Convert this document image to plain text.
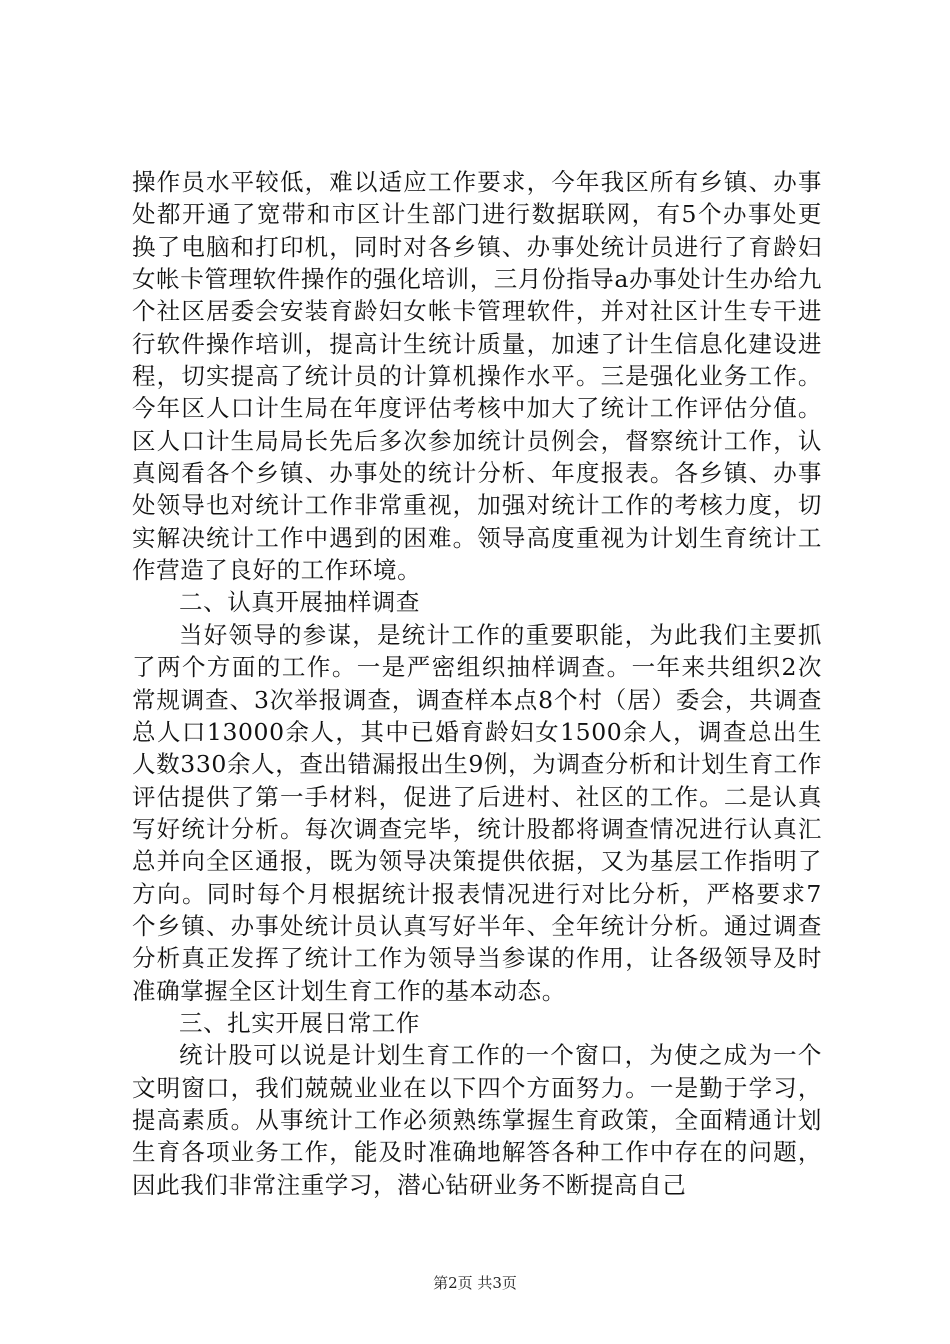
操作员水平较低，难以适应工作要求，今年我区所有乡镇、办事处都开通了宽带和市区计生部门进行数据联网，有5个办事处更换了电脑和打印机，同时对各乡镇、办事处统计员进行了育龄妇女帐卡管理软件操作的强化培训，三月份指导a办事处计生办给九个社区居委会安装育龄妇女帐卡管理软件，并对社区计生专干进行软件操作培训，提高计生统计质量，加速了计生信息化建设进程，切实提高了统计员的计算机操作水平。三是强化业务工作。今年区人口计生局在年度评估考核中加大了统计工作评估分值。区人口计生局局长先后多次参加统计员例会，督察统计工作，认真阅看各个乡镇、办事处的统计分析、年度报表。各乡镇、办事处领导也对统计工作非常重视，加强对统计工作的考核力度，切实解决统计工作中遇到的困难。领导高度重视为计划生育统计工作营造了良好的工作环境。

二、认真开展抽样调查

当好领导的参谋，是统计工作的重要职能，为此我们主要抓了两个方面的工作。一是严密组织抽样调查。一年来共组织2次常规调查、3次举报调查，调查样本点8个村（居）委会，共调查总人口13000余人，其中已婚育龄妇女1500余人，调查总出生人数330余人，查出错漏报出生9例，为调查分析和计划生育工作评估提供了第一手材料，促进了后进村、社区的工作。二是认真写好统计分析。每次调查完毕，统计股都将调查情况进行认真汇总并向全区通报，既为领导决策提供依据，又为基层工作指明了方向。同时每个月根据统计报表情况进行对比分析，严格要求7个乡镇、办事处统计员认真写好半年、全年统计分析。通过调查分析真正发挥了统计工作为领导当参谋的作用，让各级领导及时准确掌握全区计划生育工作的基本动态。

三、扎实开展日常工作

统计股可以说是计划生育工作的一个窗口，为使之成为一个文明窗口，我们兢兢业业在以下四个方面努力。一是勤于学习，提高素质。从事统计工作必须熟练掌握生育政策，全面精通计划生育各项业务工作，能及时准确地解答各种工作中存在的问题，因此我们非常注重学习，潜心钻研业务不断提高自己

第2页 共3页
